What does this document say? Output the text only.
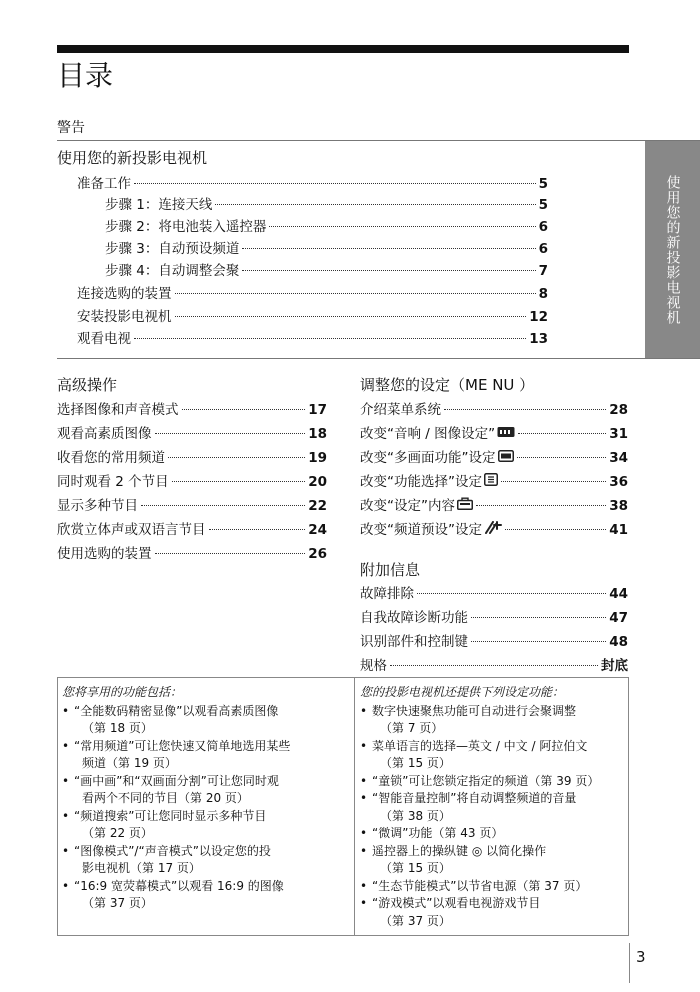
目录
警告
使用您的新投影电视机
使用您的新投影电视机
准备工作	5
步骤 1：连接天线	5
步骤 2：将电池装入遥控器	6
步骤 3：自动预设频道	6
步骤 4：自动调整会聚	7
连接选购的装置	8
安装投影电视机	12
观看电视	13
高级操作
选择图像和声音模式	17
观看高素质图像	18
收看您的常用频道	19
同时观看 2 个节目	20
显示多种节目	22
欣赏立体声或双语言节目	24
使用选购的装置	26
调整您的设定（ME NU ）
介绍菜单系统	28
改变“音响 / 图像设定”	31
改变“多画面功能”设定	34
改变“功能选择”设定	36
改变“设定”内容	38
改变“频道预设”设定	41
附加信息
故障排除	44
自我故障诊断功能	47
识别部件和控制键	48
规格	封底
您将享用的功能包括：
• “全能数码精密显像”以观看高素质图像
（第 18 页）
• “常用频道”可让您快速又简单地选用某些
频道（第 19 页）
• “画中画”和“双画面分割”可让您同时观
看两个不同的节目（第 20 页）
• “频道搜索”可让您同时显示多种节目
（第 22 页）
• “图像模式”/“声音模式”以设定您的投
影电视机（第 17 页）
• “16:9 宽荧幕模式”以观看 16:9 的图像
（第 37 页）
您的投影电视机还提供下列设定功能：
• 数字快速聚焦功能可自动进行会聚调整
（第 7 页）
• 菜单语言的选择—英文 / 中文 / 阿拉伯文
（第 15 页）
• “童锁”可让您锁定指定的频道（第 39 页）
• “智能音量控制”将自动调整频道的音量
（第 38 页）
• “微调”功能（第 43 页）
• 遥控器上的操纵键 ◎ 以简化操作
（第 15 页）
• “生态节能模式”以节省电源（第 37 页）
• “游戏模式”以观看电视游戏节目
（第 37 页）
3
